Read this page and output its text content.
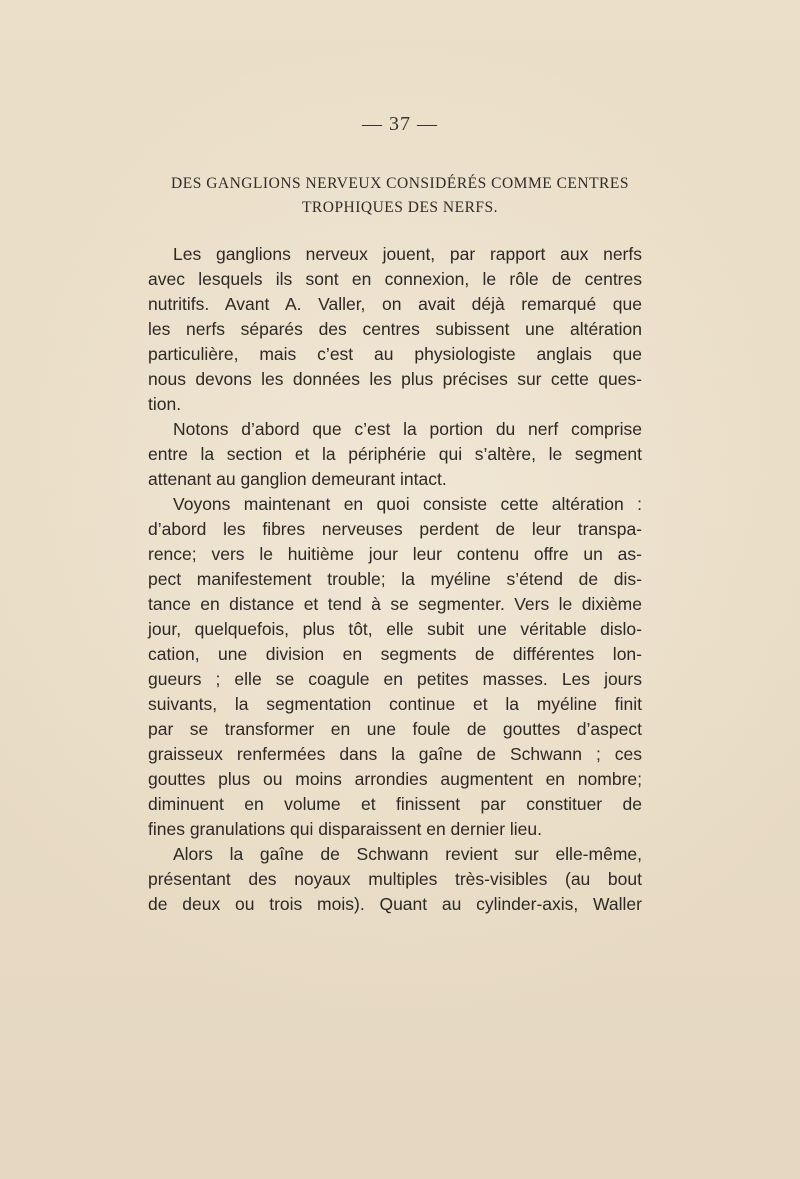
— 37 —
DES GANGLIONS NERVEUX CONSIDÉRÉS COMME CENTRES
TROPHIQUES DES NERFS.
Les ganglions nerveux jouent, par rapport aux nerfs
avec lesquels ils sont en connexion, le rôle de centres
nutritifs. Avant A. Valler, on avait déjà remarqué que
les nerfs séparés des centres subissent une altération
particulière, mais c’est au physiologiste anglais que
nous devons les données les plus précises sur cette ques-
tion.
Notons d’abord que c’est la portion du nerf comprise
entre la section et la périphérie qui s’altère, le segment
attenant au ganglion demeurant intact.
Voyons maintenant en quoi consiste cette altération :
d’abord les fibres nerveuses perdent de leur transpa-
rence; vers le huitième jour leur contenu offre un as-
pect manifestement trouble; la myéline s’étend de dis-
tance en distance et tend à se segmenter. Vers le dixième
jour, quelquefois, plus tôt, elle subit une véritable dislo-
cation, une division en segments de différentes lon-
gueurs ; elle se coagule en petites masses. Les jours
suivants, la segmentation continue et la myéline finit
par se transformer en une foule de gouttes d’aspect
graisseux renfermées dans la gaîne de Schwann ; ces
gouttes plus ou moins arrondies augmentent en nombre;
diminuent en volume et finissent par constituer de
fines granulations qui disparaissent en dernier lieu.
Alors la gaîne de Schwann revient sur elle-même,
présentant des noyaux multiples très-visibles (au bout
de deux ou trois mois). Quant au cylinder-axis, Waller
